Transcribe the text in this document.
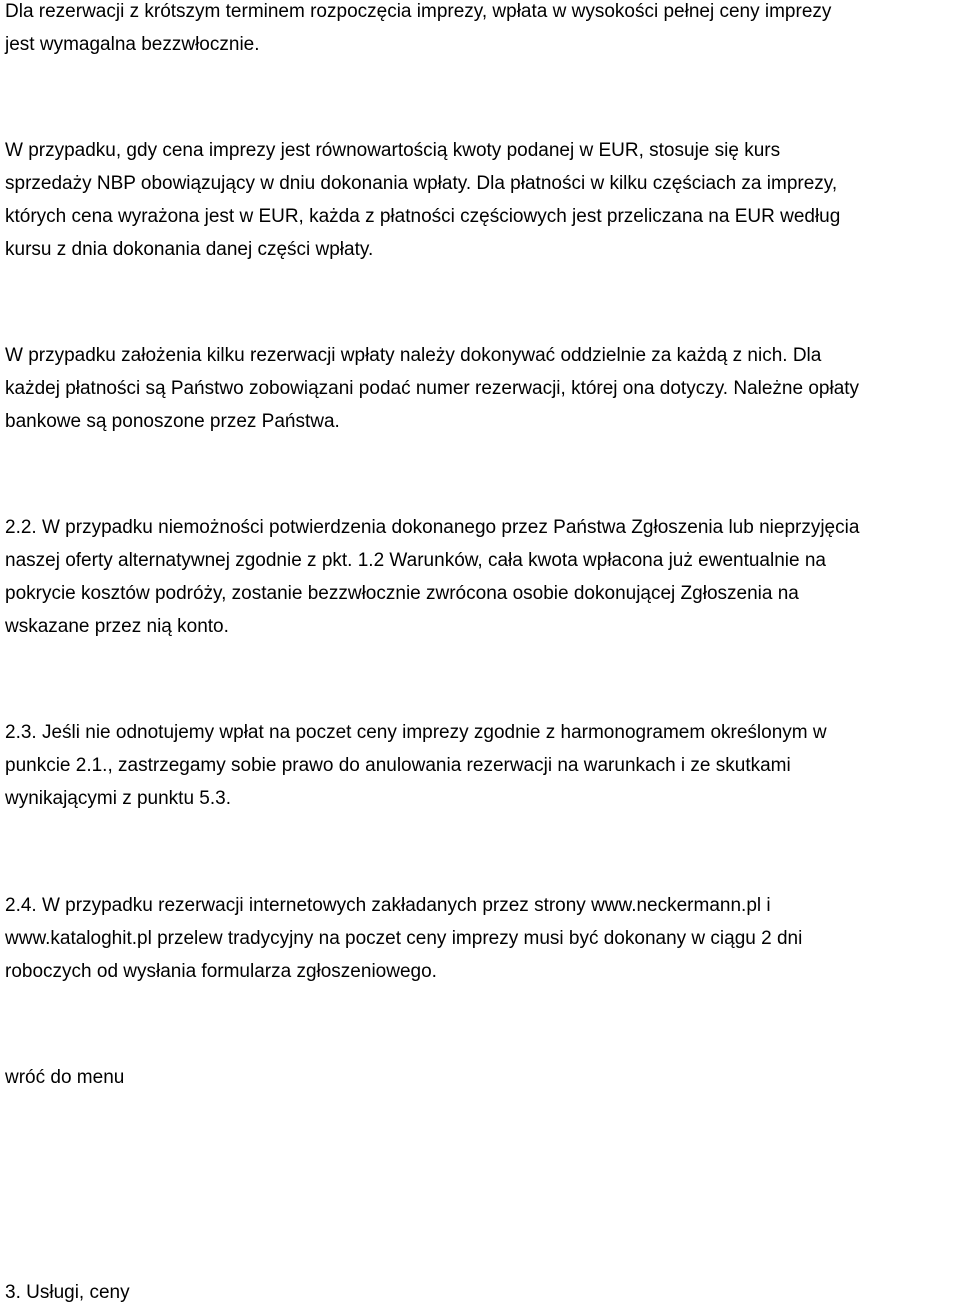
Dla rezerwacji z krótszym terminem rozpoczęcia imprezy, wpłata w wysokości pełnej ceny imprezy
jest wymagalna bezzwłocznie.
W przypadku, gdy cena imprezy jest równowartością kwoty podanej w EUR, stosuje się kurs
sprzedaży NBP obowiązujący w dniu dokonania wpłaty. Dla płatności w kilku częściach za imprezy,
których cena wyrażona jest w EUR, każda z płatności częściowych jest przeliczana na EUR według
kursu z dnia dokonania danej części wpłaty.
W przypadku założenia kilku rezerwacji wpłaty należy dokonywać oddzielnie za każdą z nich. Dla
każdej płatności są Państwo zobowiązani podać numer rezerwacji, której ona dotyczy. Należne opłaty
bankowe są ponoszone przez Państwa.
2.2. W przypadku niemożności potwierdzenia dokonanego przez Państwa Zgłoszenia lub nieprzyjęcia
naszej oferty alternatywnej zgodnie z pkt. 1.2 Warunków, cała kwota wpłacona już ewentualnie na
pokrycie kosztów podróży, zostanie bezzwłocznie zwrócona osobie dokonującej Zgłoszenia na
wskazane przez nią konto.
2.3. Jeśli nie odnotujemy wpłat na poczet ceny imprezy zgodnie z harmonogramem określonym w
punkcie 2.1., zastrzegamy sobie prawo do anulowania rezerwacji na warunkach i ze skutkami
wynikającymi z punktu 5.3.
2.4. W przypadku rezerwacji internetowych zakładanych przez strony www.neckermann.pl i
www.kataloghit.pl przelew tradycyjny na poczet ceny imprezy musi być dokonany w ciągu 2 dni
roboczych od wysłania formularza zgłoszeniowego.
wróć do menu
3. Usługi, ceny
